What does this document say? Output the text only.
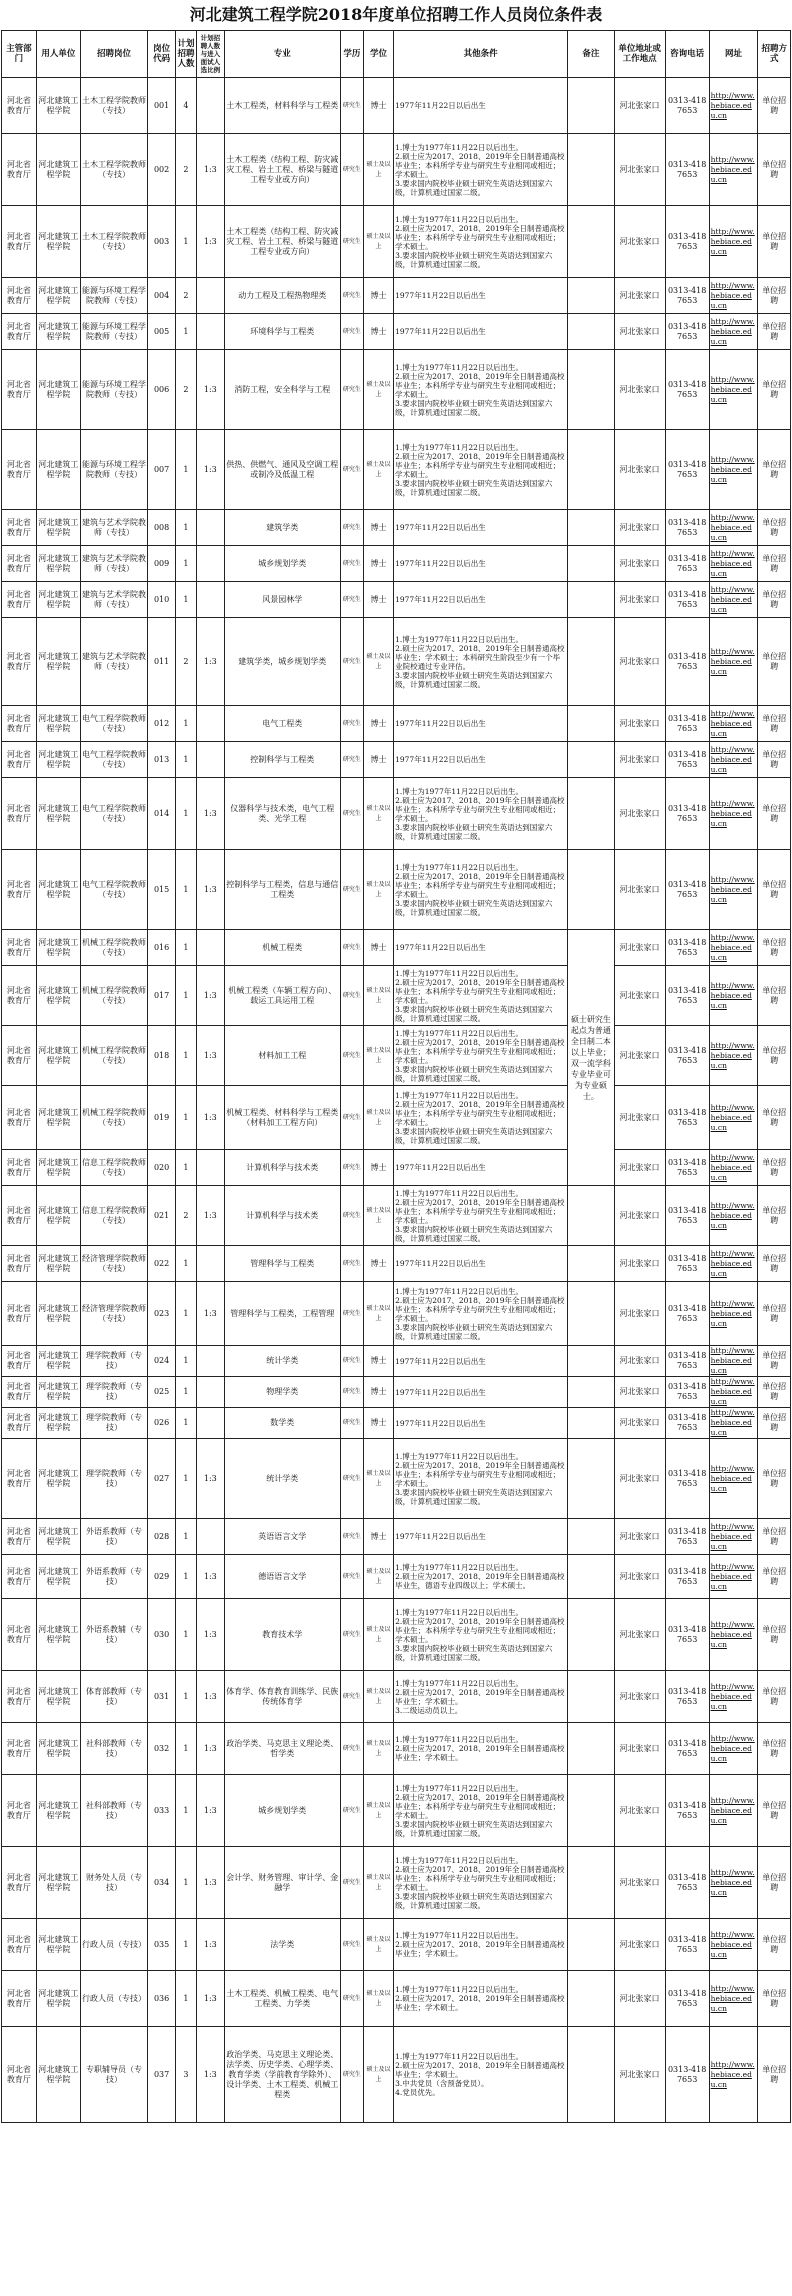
河北建筑工程学院2018年度单位招聘工作人员岗位条件表
主管部门	用人单位	招聘岗位	岗位代码	计划招聘人数	计划招聘人数与进入面试人选比例	专业	学历	学位	其他条件	备注	单位地址或工作地点	咨询电话	网址	招聘方式
河北省教育厅	河北建筑工程学院	土木工程学院教师（专技）	001	4		土木工程类，材料科学与工程类	研究生	博士	1977年11月22日以后出生		河北张家口	0313-4187653	http://www.hebiace.edu.cn	单位招聘
河北省教育厅	河北建筑工程学院	土木工程学院教师（专技）	002	2	1:3	土木工程类（结构工程、防灾减灾工程、岩土工程、桥梁与隧道工程专业或方向）	研究生	硕士及以上	1.博士为1977年11月22日以后出生。
2.硕士应为2017、2018、2019年全日制普通高校毕业生；本科所学专业与研究生专业相同或相近；学术硕士。
3.要求国内院校毕业硕士研究生英语达到国家六级，计算机通过国家二级。		河北张家口	0313-4187653	http://www.hebiace.edu.cn	单位招聘
河北省教育厅	河北建筑工程学院	土木工程学院教师（专技）	003	1	1:3	土木工程类（结构工程、防灾减灾工程、岩土工程、桥梁与隧道工程专业或方向）	研究生	硕士及以上	1.博士为1977年11月22日以后出生。
2.硕士应为2017、2018、2019年全日制普通高校毕业生；本科所学专业与研究生专业相同或相近；学术硕士。
3.要求国内院校毕业硕士研究生英语达到国家六级，计算机通过国家二级。		河北张家口	0313-4187653	http://www.hebiace.edu.cn	单位招聘
河北省教育厅	河北建筑工程学院	能源与环境工程学院教师（专技）	004	2		动力工程及工程热物理类	研究生	博士	1977年11月22日以后出生		河北张家口	0313-4187653	http://www.hebiace.edu.cn	单位招聘
河北省教育厅	河北建筑工程学院	能源与环境工程学院教师（专技）	005	1		环境科学与工程类	研究生	博士	1977年11月22日以后出生		河北张家口	0313-4187653	http://www.hebiace.edu.cn	单位招聘
河北省教育厅	河北建筑工程学院	能源与环境工程学院教师（专技）	006	2	1:3	消防工程，安全科学与工程	研究生	硕士及以上	1.博士为1977年11月22日以后出生。
2.硕士应为2017、2018、2019年全日制普通高校毕业生；本科所学专业与研究生专业相同或相近；学术硕士。
3.要求国内院校毕业硕士研究生英语达到国家六级，计算机通过国家二级。		河北张家口	0313-4187653	http://www.hebiace.edu.cn	单位招聘
河北省教育厅	河北建筑工程学院	能源与环境工程学院教师（专技）	007	1	1:3	供热、供燃气、通风及空调工程或制冷及低温工程	研究生	硕士及以上	1.博士为1977年11月22日以后出生。
2.硕士应为2017、2018、2019年全日制普通高校毕业生；本科所学专业与研究生专业相同或相近；学术硕士。
3.要求国内院校毕业硕士研究生英语达到国家六级，计算机通过国家二级。		河北张家口	0313-4187653	http://www.hebiace.edu.cn	单位招聘
河北省教育厅	河北建筑工程学院	建筑与艺术学院教师（专技）	008	1		建筑学类	研究生	博士	1977年11月22日以后出生		河北张家口	0313-4187653	http://www.hebiace.edu.cn	单位招聘
河北省教育厅	河北建筑工程学院	建筑与艺术学院教师（专技）	009	1		城乡规划学类	研究生	博士	1977年11月22日以后出生		河北张家口	0313-4187653	http://www.hebiace.edu.cn	单位招聘
河北省教育厅	河北建筑工程学院	建筑与艺术学院教师（专技）	010	1		风景园林学	研究生	博士	1977年11月22日以后出生		河北张家口	0313-4187653	http://www.hebiace.edu.cn	单位招聘
河北省教育厅	河北建筑工程学院	建筑与艺术学院教师（专技）	011	2	1:3	建筑学类，城乡规划学类	研究生	硕士及以上	1.博士为1977年11月22日以后出生。
2.硕士应为2017、2018、2019年全日制普通高校毕业生；学术硕士；本科研究生阶段至少有一个毕业院校通过专业评估。
3.要求国内院校毕业硕士研究生英语达到国家六级，计算机通过国家二级。		河北张家口	0313-4187653	http://www.hebiace.edu.cn	单位招聘
河北省教育厅	河北建筑工程学院	电气工程学院教师（专技）	012	1		电气工程类	研究生	博士	1977年11月22日以后出生		河北张家口	0313-4187653	http://www.hebiace.edu.cn	单位招聘
河北省教育厅	河北建筑工程学院	电气工程学院教师（专技）	013	1		控制科学与工程类	研究生	博士	1977年11月22日以后出生		河北张家口	0313-4187653	http://www.hebiace.edu.cn	单位招聘
河北省教育厅	河北建筑工程学院	电气工程学院教师（专技）	014	1	1:3	仪器科学与技术类，电气工程类、光学工程	研究生	硕士及以上	1.博士为1977年11月22日以后出生。
2.硕士应为2017、2018、2019年全日制普通高校毕业生；本科所学专业与研究生专业相同或相近；学术硕士。
3.要求国内院校毕业硕士研究生英语达到国家六级，计算机通过国家二级。		河北张家口	0313-4187653	http://www.hebiace.edu.cn	单位招聘
河北省教育厅	河北建筑工程学院	电气工程学院教师（专技）	015	1	1:3	控制科学与工程类，信息与通信工程类	研究生	硕士及以上	1.博士为1977年11月22日以后出生。
2.硕士应为2017、2018、2019年全日制普通高校毕业生；本科所学专业与研究生专业相同或相近；学术硕士。
3.要求国内院校毕业硕士研究生英语达到国家六级，计算机通过国家二级。		河北张家口	0313-4187653	http://www.hebiace.edu.cn	单位招聘
河北省教育厅	河北建筑工程学院	机械工程学院教师（专技）	016	1		机械工程类	研究生	博士	1977年11月22日以后出生	硕士研究生起点为普通全日制二本以上毕业；双一流学科专业毕业可为专业硕士。	河北张家口	0313-4187653	http://www.hebiace.edu.cn	单位招聘
河北省教育厅	河北建筑工程学院	机械工程学院教师（专技）	017	1	1:3	机械工程类（车辆工程方向）、载运工具运用工程	研究生	硕士及以上	1.博士为1977年11月22日以后出生。
2.硕士应为2017、2018、2019年全日制普通高校毕业生；本科所学专业与研究生专业相同或相近；学术硕士。
3.要求国内院校毕业硕士研究生英语达到国家六级，计算机通过国家二级。		河北张家口	0313-4187653	http://www.hebiace.edu.cn	单位招聘
河北省教育厅	河北建筑工程学院	机械工程学院教师（专技）	018	1	1:3	材料加工工程	研究生	硕士及以上	1.博士为1977年11月22日以后出生。
2.硕士应为2017、2018、2019年全日制普通高校毕业生；本科所学专业与研究生专业相同或相近；学术硕士。
3.要求国内院校毕业硕士研究生英语达到国家六级，计算机通过国家二级。		河北张家口	0313-4187653	http://www.hebiace.edu.cn	单位招聘
河北省教育厅	河北建筑工程学院	机械工程学院教师（专技）	019	1	1:3	机械工程类、材料科学与工程类（材料加工工程方向）	研究生	硕士及以上	1.博士为1977年11月22日以后出生。
2.硕士应为2017、2018、2019年全日制普通高校毕业生；本科所学专业与研究生专业相同或相近；学术硕士。
3.要求国内院校毕业硕士研究生英语达到国家六级，计算机通过国家二级。		河北张家口	0313-4187653	http://www.hebiace.edu.cn	单位招聘
河北省教育厅	河北建筑工程学院	信息工程学院教师（专技）	020	1		计算机科学与技术类	研究生	博士	1977年11月22日以后出生		河北张家口	0313-4187653	http://www.hebiace.edu.cn	单位招聘
河北省教育厅	河北建筑工程学院	信息工程学院教师（专技）	021	2	1:3	计算机科学与技术类	研究生	硕士及以上	1.博士为1977年11月22日以后出生。
2.硕士应为2017、2018、2019年全日制普通高校毕业生；本科所学专业与研究生专业相同或相近；学术硕士。
3.要求国内院校毕业硕士研究生英语达到国家六级，计算机通过国家二级。		河北张家口	0313-4187653	http://www.hebiace.edu.cn	单位招聘
河北省教育厅	河北建筑工程学院	经济管理学院教师（专技）	022	1		管理科学与工程类	研究生	博士	1977年11月22日以后出生		河北张家口	0313-4187653	http://www.hebiace.edu.cn	单位招聘
河北省教育厅	河北建筑工程学院	经济管理学院教师（专技）	023	1	1:3	管理科学与工程类，工程管理	研究生	硕士及以上	1.博士为1977年11月22日以后出生。
2.硕士应为2017、2018、2019年全日制普通高校毕业生；本科所学专业与研究生专业相同或相近；学术硕士。
3.要求国内院校毕业硕士研究生英语达到国家六级，计算机通过国家二级。		河北张家口	0313-4187653	http://www.hebiace.edu.cn	单位招聘
河北省教育厅	河北建筑工程学院	理学院教师（专技）	024	1		统计学类	研究生	博士	1977年11月22日以后出生		河北张家口	0313-4187653	http://www.hebiace.edu.cn	单位招聘
河北省教育厅	河北建筑工程学院	理学院教师（专技）	025	1		物理学类	研究生	博士	1977年11月22日以后出生		河北张家口	0313-4187653	http://www.hebiace.edu.cn	单位招聘
河北省教育厅	河北建筑工程学院	理学院教师（专技）	026	1		数学类	研究生	博士	1977年11月22日以后出生		河北张家口	0313-4187653	http://www.hebiace.edu.cn	单位招聘
河北省教育厅	河北建筑工程学院	理学院教师（专技）	027	1	1:3	统计学类	研究生	硕士及以上	1.博士为1977年11月22日以后出生。
2.硕士应为2017、2018、2019年全日制普通高校毕业生；本科所学专业与研究生专业相同或相近；学术硕士。
3.要求国内院校毕业硕士研究生英语达到国家六级，计算机通过国家二级。		河北张家口	0313-4187653	http://www.hebiace.edu.cn	单位招聘
河北省教育厅	河北建筑工程学院	外语系教师（专技）	028	1		英语语言文学	研究生	博士	1977年11月22日以后出生		河北张家口	0313-4187653	http://www.hebiace.edu.cn	单位招聘
河北省教育厅	河北建筑工程学院	外语系教师（专技）	029	1	1:3	德语语言文学	研究生	硕士及以上	1.博士为1977年11月22日以后出生。
2.硕士应为2017、2018、2019年全日制普通高校毕业生，德语专业四级以上；学术硕士。		河北张家口	0313-4187653	http://www.hebiace.edu.cn	单位招聘
河北省教育厅	河北建筑工程学院	外语系教辅（专技）	030	1	1:3	教育技术学	研究生	硕士及以上	1.博士为1977年11月22日以后出生。
2.硕士应为2017、2018、2019年全日制普通高校毕业生；本科所学专业与研究生专业相同或相近；学术硕士。
3.要求国内院校毕业硕士研究生英语达到国家六级，计算机通过国家二级。		河北张家口	0313-4187653	http://www.hebiace.edu.cn	单位招聘
河北省教育厅	河北建筑工程学院	体育部教师（专技）	031	1	1:3	体育学、体育教育训练学、民族传统体育学	研究生	硕士及以上	1.博士为1977年11月22日以后出生。
2.硕士应为2017、2018、2019年全日制普通高校毕业生；学术硕士。
3.二级运动员以上。		河北张家口	0313-4187653	http://www.hebiace.edu.cn	单位招聘
河北省教育厅	河北建筑工程学院	社科部教师（专技）	032	1	1:3	政治学类、马克思主义理论类、哲学类	研究生	硕士及以上	1.博士为1977年11月22日以后出生。
2.硕士应为2017、2018、2019年全日制普通高校毕业生；学术硕士。		河北张家口	0313-4187653	http://www.hebiace.edu.cn	单位招聘
河北省教育厅	河北建筑工程学院	社科部教师（专技）	033	1	1:3	城乡规划学类	研究生	硕士及以上	1.博士为1977年11月22日以后出生。
2.硕士应为2017、2018、2019年全日制普通高校毕业生；本科所学专业与研究生专业相同或相近；学术硕士。
3.要求国内院校毕业硕士研究生英语达到国家六级，计算机通过国家二级。		河北张家口	0313-4187653	http://www.hebiace.edu.cn	单位招聘
河北省教育厅	河北建筑工程学院	财务处人员（专技）	034	1	1:3	会计学、财务管理、审计学、金融学	研究生	硕士及以上	1.博士为1977年11月22日以后出生。
2.硕士应为2017、2018、2019年全日制普通高校毕业生；本科所学专业与研究生专业相同或相近；学术硕士。
3.要求国内院校毕业硕士研究生英语达到国家六级，计算机通过国家二级。		河北张家口	0313-4187653	http://www.hebiace.edu.cn	单位招聘
河北省教育厅	河北建筑工程学院	行政人员（专技）	035	1	1:3	法学类	研究生	硕士及以上	1.博士为1977年11月22日以后出生。
2.硕士应为2017、2018、2019年全日制普通高校毕业生；学术硕士。		河北张家口	0313-4187653	http://www.hebiace.edu.cn	单位招聘
河北省教育厅	河北建筑工程学院	行政人员（专技）	036	1	1:3	土木工程类、机械工程类、电气工程类、力学类	研究生	硕士及以上	1.博士为1977年11月22日以后出生。
2.硕士应为2017、2018、2019年全日制普通高校毕业生；学术硕士。		河北张家口	0313-4187653	http://www.hebiace.edu.cn	单位招聘
河北省教育厅	河北建筑工程学院	专职辅导员（专技）	037	3	1:3	政治学类、马克思主义理论类、法学类、历史学类、心理学类、教育学类（学前教育学除外）、设计学类、土木工程类、机械工程类	研究生	硕士及以上	1.博士为1977年11月22日以后出生。
2.硕士应为2017、2018、2019年全日制普通高校毕业生；学术硕士。
3.中共党员（含预备党员）。
4.党员优先。		河北张家口	0313-4187653	http://www.hebiace.edu.cn	单位招聘
